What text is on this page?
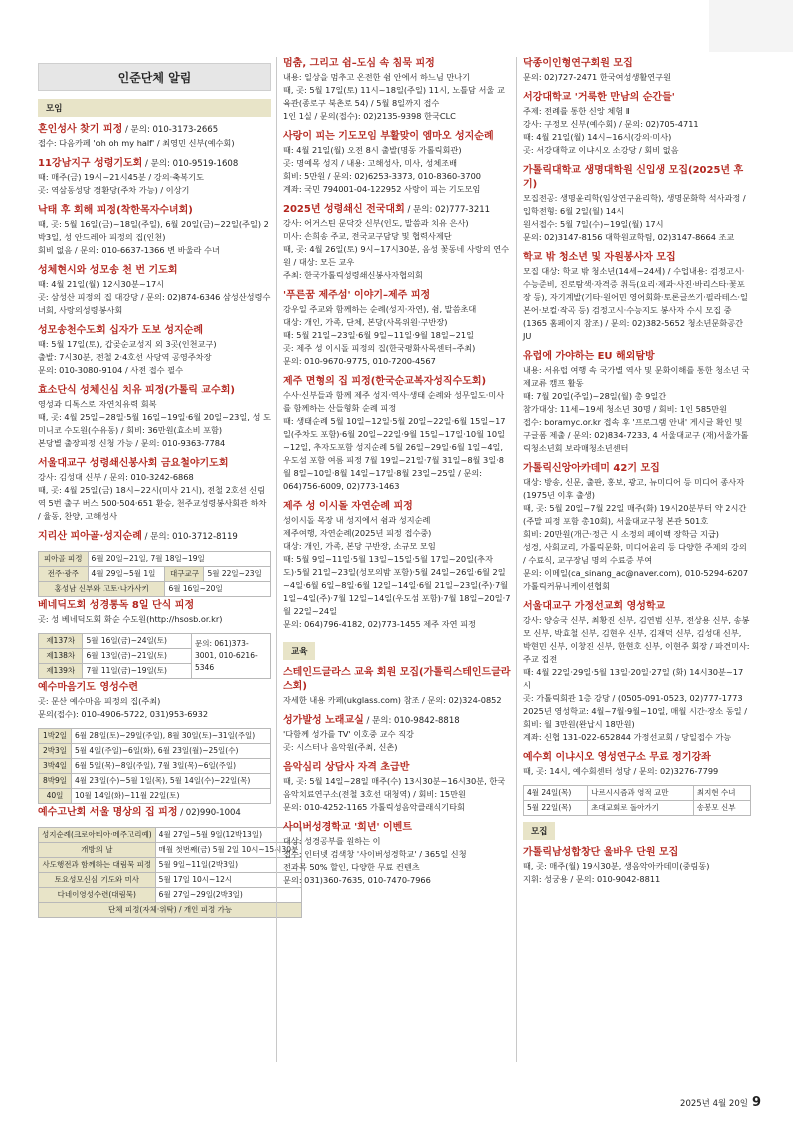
인준단체 알림
모임
혼인성사 찾기 피정 / 문의: 010-3173-2665
접수: 다음카페 'oh oh my half' / 최영민 신부(예수회)
11강남지구 성령기도회 / 문의: 010-9519-1608
때: 매주(금) 19시~21시45분 / 강의·축복기도
곳: 역삼동성당 경환당(주차 가능) / 이상기
낙태 후 회해 피정(착한목자수녀회)
때, 곳: 5월 16일(금)~18일(주일), 6월 20일(금)~22일(주일) 2박3일, 성 안드레아 피정의 집(인천)
회비 없음 / 문의: 010-6637-1366 변 바울라 수녀
성체현시와 성모송 천 번 기도회
때: 4월 21일(월) 12시30분~17시
곳: 삼성산 피정의 집 대강당 / 문의: 02)874-6346 삼성산성령수녀회, 사랑의성령봉사회
성모송천수도회 십자가 도보 성지순례
때: 5월 17일(토), 갑곶순교성지 외 3곳(인천교구)
출발: 7시30분, 전철 2·4호선 사당역 공영주차장
문의: 010-3080-9104 / 사전 접수 필수
효소단식 성체신심 치유 피정(가톨릭 교수회)
영성과 디톡스로 자연치유력 회복
때, 곳: 4월 25일~28일·5월 16일~19일·6월 20일~23일, 성 도미니코 수도원(수유동) / 회비: 36만원(효소비 포함)
본당별 출장피정 신청 가능 / 문의: 010-9363-7784
서울대교구 성령쇄신봉사회 금요철야기도회
강사: 김성대 신부 / 문의: 010-3242-6868
때, 곳: 4월 25일(금) 18시~22시(미사 21시), 전철 2호선 신림역 5번 출구 버스 500·504·651 환승, 천주교성령봉사회관 하차 / 율동, 찬양, 고해성사
지리산 피아골·성지순례 / 문의: 010-3712-8119
피아골 피정	6월 20일~21일, 7월 18일~19일		
전주·광주	4월 29일~5월 1일	대구교구	5월 22일~23일
홍성남 신부와 고토·나가사키		6월 16일~20일	
베네딕도회 성경통독 8일 단식 피정
곳: 성 베네딕도회 화순 수도원(http://hsosb.or.kr)
제137차	5월 16일(금)~24일(토)	문의: 061)373-3001, 010-6216-5346
제138차	6월 13일(금)~21일(토)	
제139차	7월 11일(금)~19일(토)	
예수마음기도 영성수련
곳: 문산 예수마음 피정의 집(주최)
문의(접수): 010-4906-5722, 031)953-6932
1박2일	6월 28일(토)~29일(주일), 8월 30일(토)~31일(주일)
2박3일	5월 4일(주일)~6일(화), 6월 23일(월)~25일(수)
3박4일	6월 5일(목)~8일(주일), 7월 3일(목)~6일(주일)
8박9일	4월 23일(수)~5월 1일(목), 5월 14일(수)~22일(목)
40일	10월 14일(화)~11월 22일(토)
예수고난회 서울 명상의 집 피정 / 02)990-1004
성지순례(크로아티아·메주고리예)	4월 27일~5월 9일(12박13일)
개방의 날	매월 첫번째(금) 5월 2일 10시~15시30분
사도행전과 함께하는 대림묵 피정	5월 9일~11일(2박3일)
토요성모신심 기도와 미사	5월 17일 10시~12시
다네이영성수련(대림묵)	6월 27일~29일(2박3일)
단체 피정(자체·위탁) / 개인 피정 가능	
멈춤, 그리고 쉼–도심 속 침묵 피정
내용: 일상을 멈추고 온전한 쉼 안에서 하느님 만나기
때, 곳: 5월 17일(토) 11시~18일(주일) 11시, 노틀담 서울 교육관(종로구 북촌로 54) / 5월 8일까지 접수
1인 1실 / 문의(접수): 02)2135-9398 한국CLC
사랑이 피는 기도모임 부활맞이 엠마오 성지순례
때: 4월 21일(월) 오전 8시 출발(명동 가톨릭회관)
곳: 명예목 성지 / 내용: 고해성사, 미사, 성체조배
회비: 5만원 / 문의: 02)6253-3373, 010-8360-3700
계좌: 국민 794001-04-122952 사랑이 피는 기도모임
2025년 성령쇄신 전국대회 / 문의: 02)777-3211
강사: 어거스틴 문닥갓 신부(인도, 말씀과 치유 은사)
미사: 손희송 주교, 전국교구담당 및 협력사제단
때, 곳: 4월 26일(토) 9시~17시30분, 음성 꽃동네 사랑의 연수원 / 대상: 모든 교우
주최: 한국가톨릭성령쇄신봉사자협의회
'푸른꿈 제주섬' 이야기–제주 피정
강우일 주교와 함께하는 순례(성지·자연), 쉼, 말씀초대
대상: 개인, 가족, 단체, 본당(사목위원·구반장)
때: 5월 21일~23일·6월 9일~11일·9월 18일~21일
곳: 제주 성 이시돌 피정의 집(한국평화사목센터–주최)
문의: 010-9670-9775, 010-7200-4567
제주 면형의 집 피정(한국순교복자성직수도회)
수사·신부들과 함께 제주 성지·역사·생태 순례와 성무일도·미사를 함께하는 산들형화 순례 피정
때: 생태순례 5월 10일~12일·5월 20일~22일·6월 15일~17일(주차도 포함)·6월 20일~22일·9월 15일~17일·10월 10일~12일, 추자도포함 성지순례 5월 26일~29일·6월 1일~4일, 우도섬 포함 여름 피정 7월 19일~21일·7월 31일~8월 3일·8월 8일~10일·8월 14일~17일·8월 23일~25일 / 문의: 064)756-6009, 02)773-1463
제주 성 이시돌 자연순례 피정
성이시돌 목장 내 성지에서 쉼과 성지순례
제주여행, 자연순례(2025년 피정 접수중)
대상: 개인, 가족, 본당 구반장, 소규모 모임
때: 5월 9일~11일·5월 13일~15일·5월 17일~20일(추자도)·5월 21일~23일(성모의밤 포함)·5월 24일~26일·6월 2일~4일·6월 6일~8일·6월 12일~14일·6월 21일~23일(주)·7월 1일~4일(주)·7월 12일~14일(우도섬 포함)·7월 18일~20일·7월 22일~24일
문의: 064)796-4182, 02)773-1455 제주 자연 피정
교육
스테인드글라스 교육 회원 모집(가톨릭스테인드글라스회)
자세한 내용 카페(ukglass.com) 참조 / 문의: 02)324-0852
성가발성 노래교실 / 문의: 010-9842-8818
'다함께 성가를 TV' 이호중 교수 직강
곳: 시스터나 음악원(주최, 신촌)
음악심리 상담사 자격 초급반
때, 곳: 5월 14일~28일 매주(수) 13시30분~16시30분, 한국음악치료연구소(전철 3호선 대청역) / 회비: 15만원
문의: 010-4252-1165 가톨릭성음악클래식기타회
사이버성경학교 '희년' 이벤트
대상: 성경공부를 원하는 이
접수: 인터넷 검색창 '사이버성경학교' / 365일 신청
전과목 50% 할인, 다양한 무료 컨텐츠
문의: 031)360-7635, 010-7470-7966
닥종이인형연구회원 모집
문의: 02)727-2471 한국여성생활연구원
서강대학교 '거룩한 만남의 순간들'
주제: 전례를 통한 신앙 체험 Ⅱ
강사: 구정모 신부(예수회) / 문의: 02)705-4711
때: 4월 21일(월) 14시~16시(강의·미사)
곳: 서강대학교 이냐시오 소강당 / 회비 없음
가톨릭대학교 생명대학원 신입생 모집(2025년 후기)
모집전공: 생명윤리학(임상연구윤리학), 생명문화학 석사과정 / 입학전형: 6월 2일(월) 14시
원서접수: 5월 7일(수)~19일(월) 17시
문의: 02)3147-8156 대학원교학팀, 02)3147-8664 조교
학교 밖 청소년 및 자원봉사자 모집
모집 대상: 학교 밖 청소년(14세~24세) / 수업내용: 검정고시·수능준비, 진로탐색·자격증 취득(요리·제과·사진·바리스타·꽃포장 등), 자기계발(기타·원어민 영어회화·토론글쓰기·필라테스·일본어·보컬·작곡 등) 검정고시·수능지도 봉사자 수시 모집 중(1365 홈페이지 참조) / 문의: 02)382-5652 청소년문화공간JU
유럽에 가야하는 EU 해외탐방
내용: 서유럽 여행 속 국가별 역사 및 문화이해를 통한 청소년 국제교류 캠프 활동
때: 7월 20일(주일)~28일(월) 총 9일간
참가대상: 11세~19세 청소년 30명 / 회비: 1인 585만원
접수: boramyc.or.kr 접속 후 '프로그램 안내' 게시글 확인 및 구글폼 제출 / 문의: 02)834-7233, 4 서울대교구 (재)서울가톨릭청소년회 보라매청소년센터
가톨릭신앙아카데미 42기 모집
대상: 방송, 신문, 출판, 홍보, 광고, 뉴미디어 등 미디어 종사자(1975년 이후 출생)
때, 곳: 5월 20일~7월 22일 매주(화) 19시20분부터 약 2시간(주말 피정 포함 총10회), 서울대교구청 본관 501호
회비: 20만원(개근·정근 시 소정의 페이백 장학금 지급)
성경, 사회교리, 가톨릭문화, 미디어윤리 등 다양한 주제의 강의 / 수료식, 교구장님 명의 수료증 부여
문의: 이메일(ca_sinang_ac@naver.com), 010-5294-6207 가톨릭커뮤니케이션협회
서울대교구 가정선교회 영성학교
강사: 양승국 신부, 최황진 신부, 김연범 신부, 전상용 신부, 송봉모 신부, 박효철 신부, 김현우 신부, 김재덕 신부, 김성대 신부, 박현민 신부, 이창진 신부, 한현호 신부, 이현주 회장 / 파견미사: 주교 집전
때: 4월 22일·29일·5월 13일·20일·27일 (화) 14시30분~17시
곳: 가톨릭회관 1층 강당 / (0505-091-0523, 02)777-1773
2025년 영성학교: 4월~7월·9월~10일, 매월 시간·장소 동일 / 회비: 월 3만원(완납시 18만원)
계좌: 신협 131-022-652844 가정선교회 / 당일접수 가능
예수회 이냐시오 영성연구소 무료 정기강좌
때, 곳: 14시, 예수회센터 성당 / 문의: 02)3276-7799
4월 24일(목)	나르시시즘과 영적 교만	최지현 수녀
5월 22일(목)	초대교회로 돌아가기	송봉모 신부
모집
가톨릭남성합창단 울바우 단원 모집
때, 곳: 매주(월) 19시30분, 생음악아카데미(중림동)
지휘: 성궁용 / 문의: 010-9042-8811
2025년 4월 20일 9
